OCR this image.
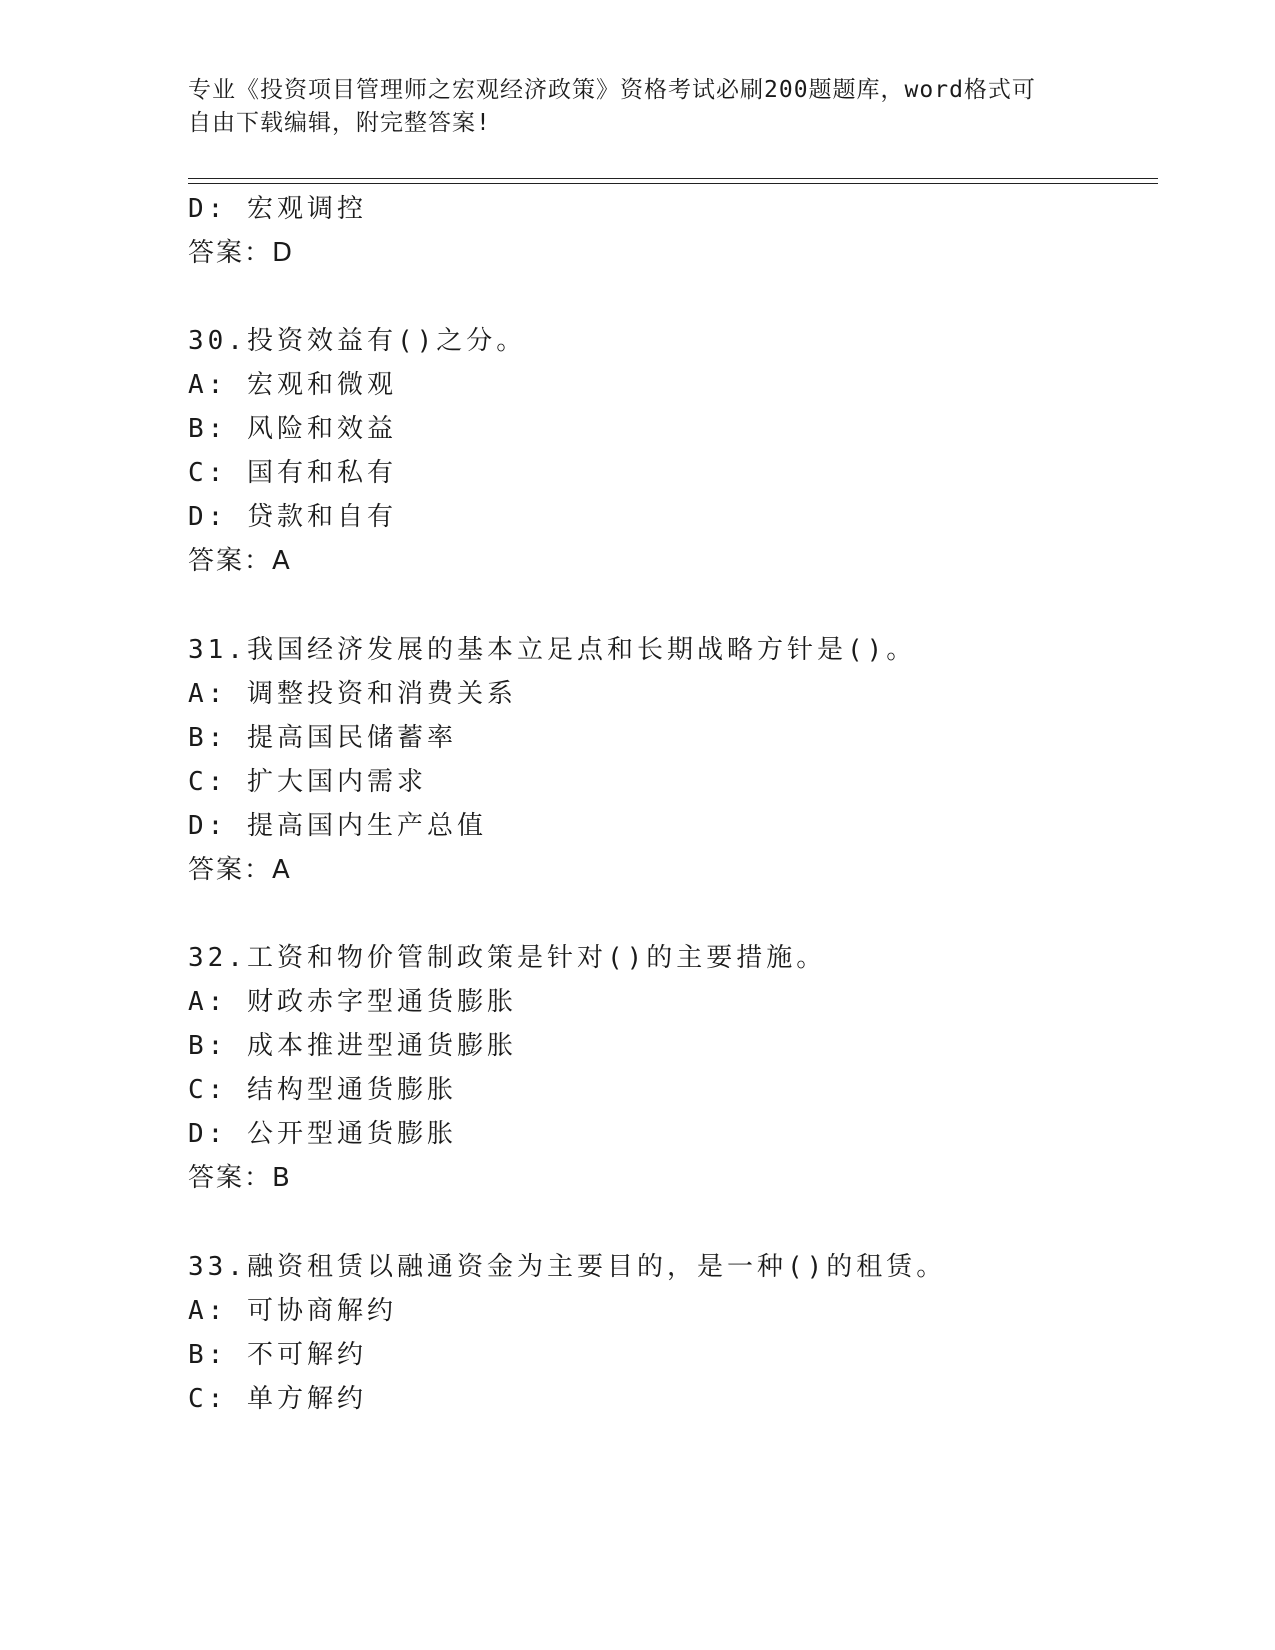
专业《投资项目管理师之宏观经济政策》资格考试必刷200题题库，word格式可
自由下载编辑，附完整答案!
D: 宏观调控
答案：D
30.投资效益有()之分。
A: 宏观和微观
B: 风险和效益
C: 国有和私有
D: 贷款和自有
答案：A
31.我国经济发展的基本立足点和长期战略方针是()。
A: 调整投资和消费关系
B: 提高国民储蓄率
C: 扩大国内需求
D: 提高国内生产总值
答案：A
32.工资和物价管制政策是针对()的主要措施。
A: 财政赤字型通货膨胀
B: 成本推进型通货膨胀
C: 结构型通货膨胀
D: 公开型通货膨胀
答案：B
33.融资租赁以融通资金为主要目的，是一种()的租赁。
A: 可协商解约
B: 不可解约
C: 单方解约
